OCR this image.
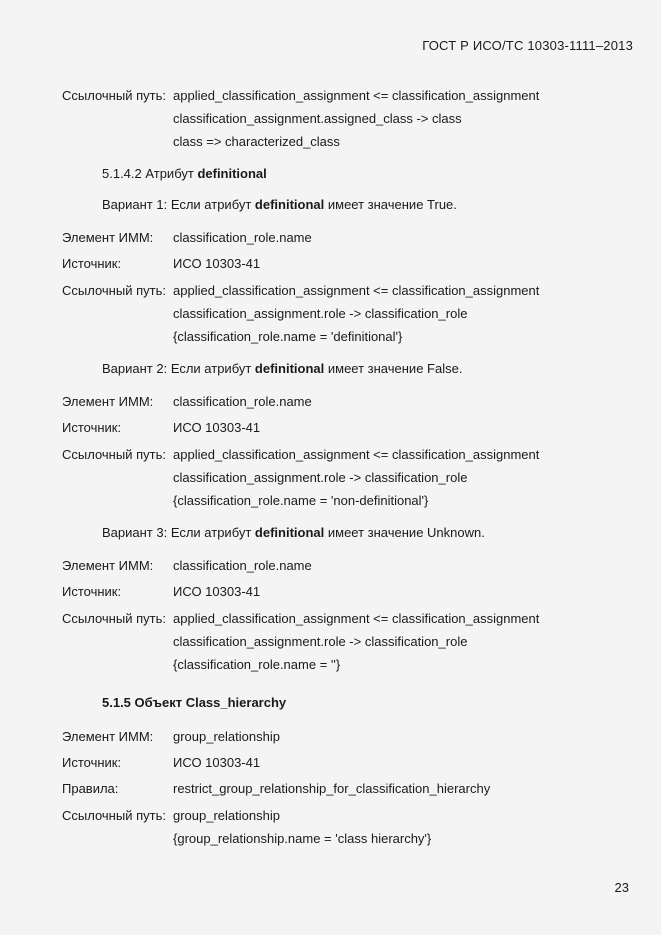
ГОСТ Р ИСО/ТС 10303-1111–2013
Ссылочный путь: applied_classification_assignment <= classification_assignment
classification_assignment.assigned_class -> class
class => characterized_class
5.1.4.2 Атрибут definitional
Вариант 1: Если атрибут definitional имеет значение True.
Элемент ИММ: classification_role.name
Источник:	ИСО 10303-41
Ссылочный путь: applied_classification_assignment <= classification_assignment
classification_assignment.role -> classification_role
{classification_role.name = 'definitional'}
Вариант 2: Если атрибут definitional имеет значение False.
Элемент ИММ: classification_role.name
Источник:	ИСО 10303-41
Ссылочный путь: applied_classification_assignment <= classification_assignment
classification_assignment.role -> classification_role
{classification_role.name = 'non-definitional'}
Вариант 3: Если атрибут definitional имеет значение Unknown.
Элемент ИММ: classification_role.name
Источник:	ИСО 10303-41
Ссылочный путь: applied_classification_assignment <= classification_assignment
classification_assignment.role -> classification_role
{classification_role.name = ''}
5.1.5 Объект Class_hierarchy
Элемент ИММ: group_relationship
Источник:	ИСО 10303-41
Правила:	restrict_group_relationship_for_classification_hierarchy
Ссылочный путь: group_relationship
{group_relationship.name = 'class hierarchy'}
23
